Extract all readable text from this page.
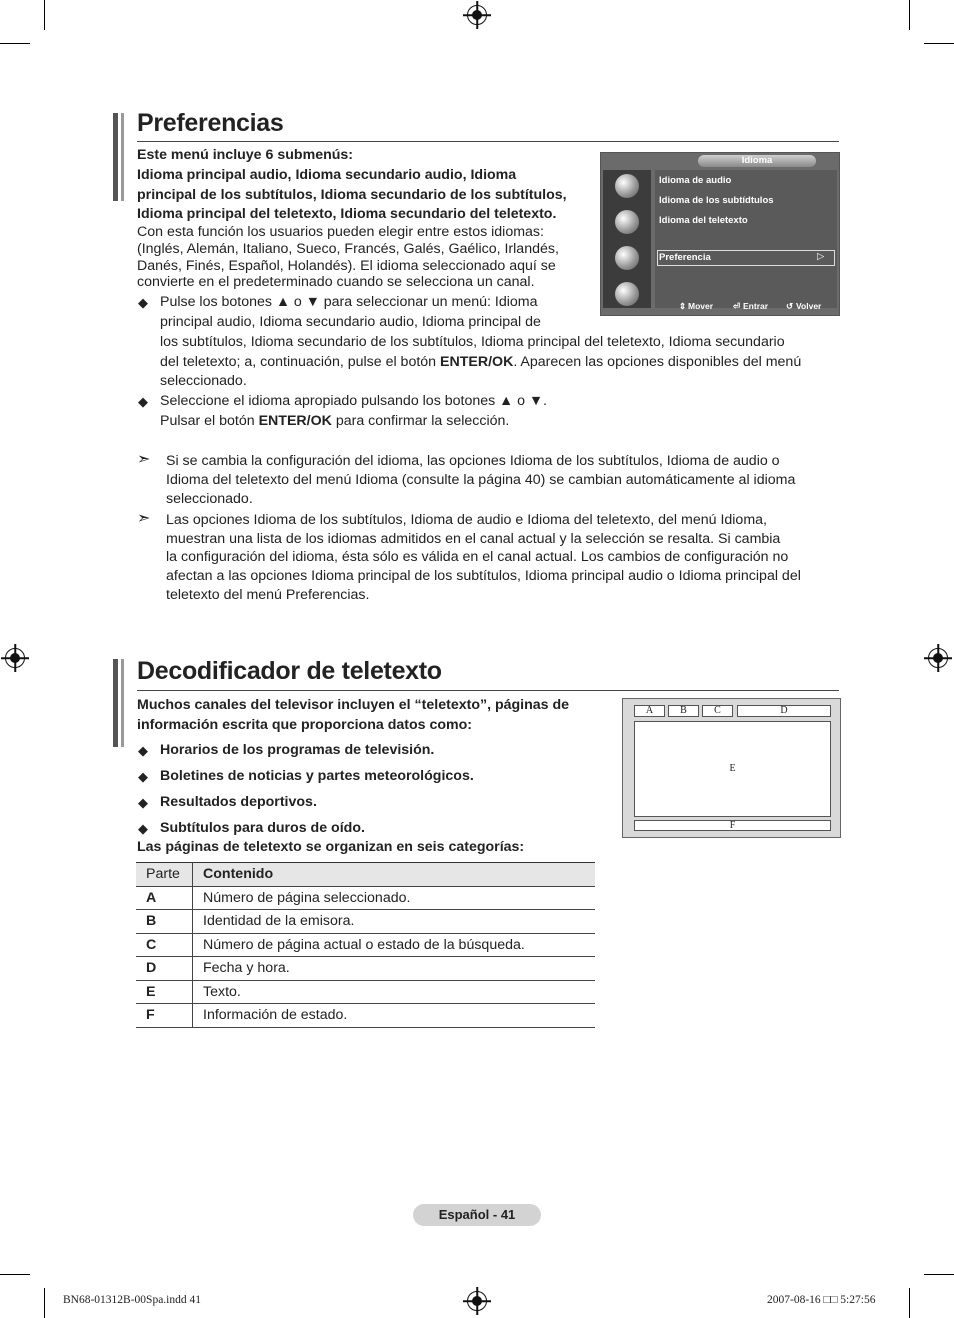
Preferencias
Este menú incluye 6 submenús:
Idioma principal audio, Idioma secundario audio, Idioma
principal de los subtítulos, Idioma secundario de los subtítulos,
Idioma principal del teletexto, Idioma secundario del teletexto.
Con esta función los usuarios pueden elegir entre estos idiomas:
(Inglés, Alemán, Italiano, Sueco, Francés, Galés, Gaélico, Irlandés,
Danés, Finés, Español, Holandés). El idioma seleccionado aquí se
convierte en el predeterminado cuando se selecciona un canal.
◆ Pulse los botones ▲ o ▼ para seleccionar un menú: Idioma
principal audio, Idioma secundario audio, Idioma principal de
los subtítulos, Idioma secundario de los subtítulos, Idioma principal del teletexto, Idioma secundario
del teletexto; a, continuación, pulse el botón ENTER/OK. Aparecen las opciones disponibles del menú
seleccionado.
◆ Seleccione el idioma apropiado pulsando los botones ▲ o ▼.
Pulsar el botón ENTER/OK para confirmar la selección.
➣ Si se cambia la configuración del idioma, las opciones Idioma de los subtítulos, Idioma de audio o
Idioma del teletexto del menú Idioma (consulte la página 40) se cambian automáticamente al idioma
seleccionado.
➣ Las opciones Idioma de los subtítulos, Idioma de audio e Idioma del teletexto, del menú Idioma,
muestran una lista de los idiomas admitidos en el canal actual y la selección se resalta. Si cambia
la configuración del idioma, ésta sólo es válida en el canal actual. Los cambios de configuración no
afectan a las opciones Idioma principal de los subtítulos, Idioma principal audio o Idioma principal del
teletexto del menú Preferencias.
Idioma
Idioma de audio
Idioma de los subtídtulos
Idioma del teletexto
Preferencia	▷
⇕ Mover ⏎ Entrar ↺ Volver
Decodificador de teletexto
Muchos canales del televisor incluyen el “teletexto”, páginas de
información escrita que proporciona datos como:
◆ Horarios de los programas de televisión.
◆ Boletines de noticias y partes meteorológicos.
◆ Resultados deportivos.
◆ Subtítulos para duros de oído.
Las páginas de teletexto se organizan en seis categorías:
A	B	C	D
E
F
Parte	Contenido
A	Número de página seleccionado.
B	Identidad de la emisora.
C	Número de página actual o estado de la búsqueda.
D	Fecha y hora.
E	Texto.
F	Información de estado.
Español - 41
BN68-01312B-00Spa.indd 41	2007-08-16 □□ 5:27:56
